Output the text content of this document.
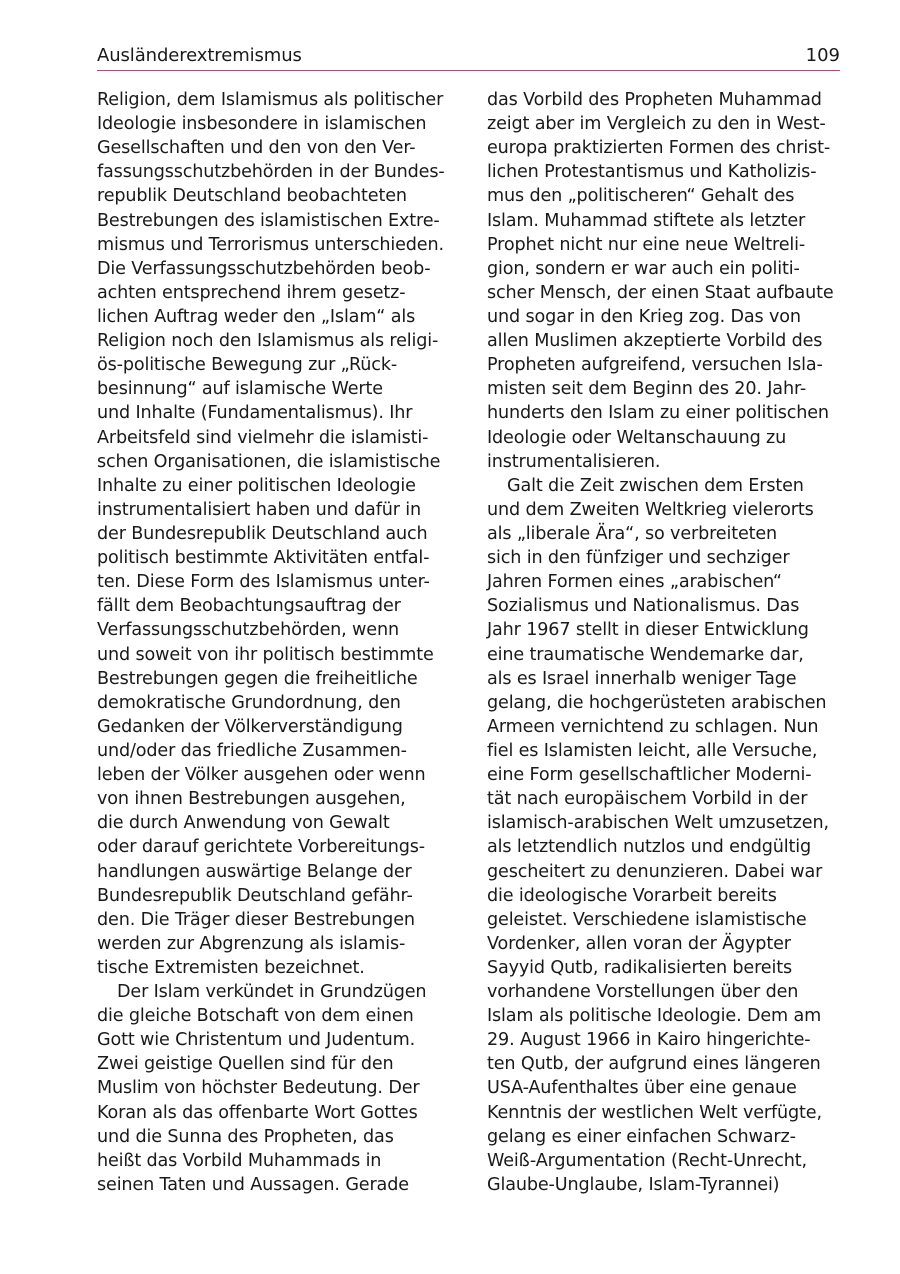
Ausländerextremismus	109
Religion, dem Islamismus als politischer
Ideologie insbesondere in islamischen
Gesellschaften und den von den Ver-
fassungsschutzbehörden in der Bundes-
republik Deutschland beobachteten
Bestrebungen des islamistischen Extre-
mismus und Terrorismus unterschieden.
Die Verfassungsschutzbehörden beob-
achten entsprechend ihrem gesetz-
lichen Auftrag weder den „Islam“ als
Religion noch den Islamismus als religi-
ös-politische Bewegung zur „Rück-
besinnung“ auf islamische Werte
und Inhalte (Fundamentalismus). Ihr
Arbeitsfeld sind vielmehr die islamisti-
schen Organisationen, die islamistische
Inhalte zu einer politischen Ideologie
instrumentalisiert haben und dafür in
der Bundesrepublik Deutschland auch
politisch bestimmte Aktivitäten entfal-
ten. Diese Form des Islamismus unter-
fällt dem Beobachtungsauftrag der
Verfassungsschutzbehörden, wenn
und soweit von ihr politisch bestimmte
Bestrebungen gegen die freiheitliche
demokratische Grundordnung, den
Gedanken der Völkerverständigung
und/oder das friedliche Zusammen-
leben der Völker ausgehen oder wenn
von ihnen Bestrebungen ausgehen,
die durch Anwendung von Gewalt
oder darauf gerichtete Vorbereitungs-
handlungen auswärtige Belange der
Bundesrepublik Deutschland gefähr-
den. Die Träger dieser Bestrebungen
werden zur Abgrenzung als islamis-
tische Extremisten bezeichnet.
Der Islam verkündet in Grundzügen
die gleiche Botschaft von dem einen
Gott wie Christentum und Judentum.
Zwei geistige Quellen sind für den
Muslim von höchster Bedeutung. Der
Koran als das offenbarte Wort Gottes
und die Sunna des Propheten, das
heißt das Vorbild Muhammads in
seinen Taten und Aussagen. Gerade
das Vorbild des Propheten Muhammad
zeigt aber im Vergleich zu den in West-
europa praktizierten Formen des christ-
lichen Protestantismus und Katholizis-
mus den „politischeren“ Gehalt des
Islam. Muhammad stiftete als letzter
Prophet nicht nur eine neue Weltreli-
gion, sondern er war auch ein politi-
scher Mensch, der einen Staat aufbaute
und sogar in den Krieg zog. Das von
allen Muslimen akzeptierte Vorbild des
Propheten aufgreifend, versuchen Isla-
misten seit dem Beginn des 20. Jahr-
hunderts den Islam zu einer politischen
Ideologie oder Weltanschauung zu
instrumentalisieren.
Galt die Zeit zwischen dem Ersten
und dem Zweiten Weltkrieg vielerorts
als „liberale Ära“, so verbreiteten
sich in den fünfziger und sechziger
Jahren Formen eines „arabischen“
Sozialismus und Nationalismus. Das
Jahr 1967 stellt in dieser Entwicklung
eine traumatische Wendemarke dar,
als es Israel innerhalb weniger Tage
gelang, die hochgerüsteten arabischen
Armeen vernichtend zu schlagen. Nun
fiel es Islamisten leicht, alle Versuche,
eine Form gesellschaftlicher Moderni-
tät nach europäischem Vorbild in der
islamisch-arabischen Welt umzusetzen,
als letztendlich nutzlos und endgültig
gescheitert zu denunzieren. Dabei war
die ideologische Vorarbeit bereits
geleistet. Verschiedene islamistische
Vordenker, allen voran der Ägypter
Sayyid Qutb, radikalisierten bereits
vorhandene Vorstellungen über den
Islam als politische Ideologie. Dem am
29. August 1966 in Kairo hingerichte-
ten Qutb, der aufgrund eines längeren
USA-Aufenthaltes über eine genaue
Kenntnis der westlichen Welt verfügte,
gelang es einer einfachen Schwarz-
Weiß-Argumentation (Recht-Unrecht,
Glaube-Unglaube, Islam-Tyrannei)
